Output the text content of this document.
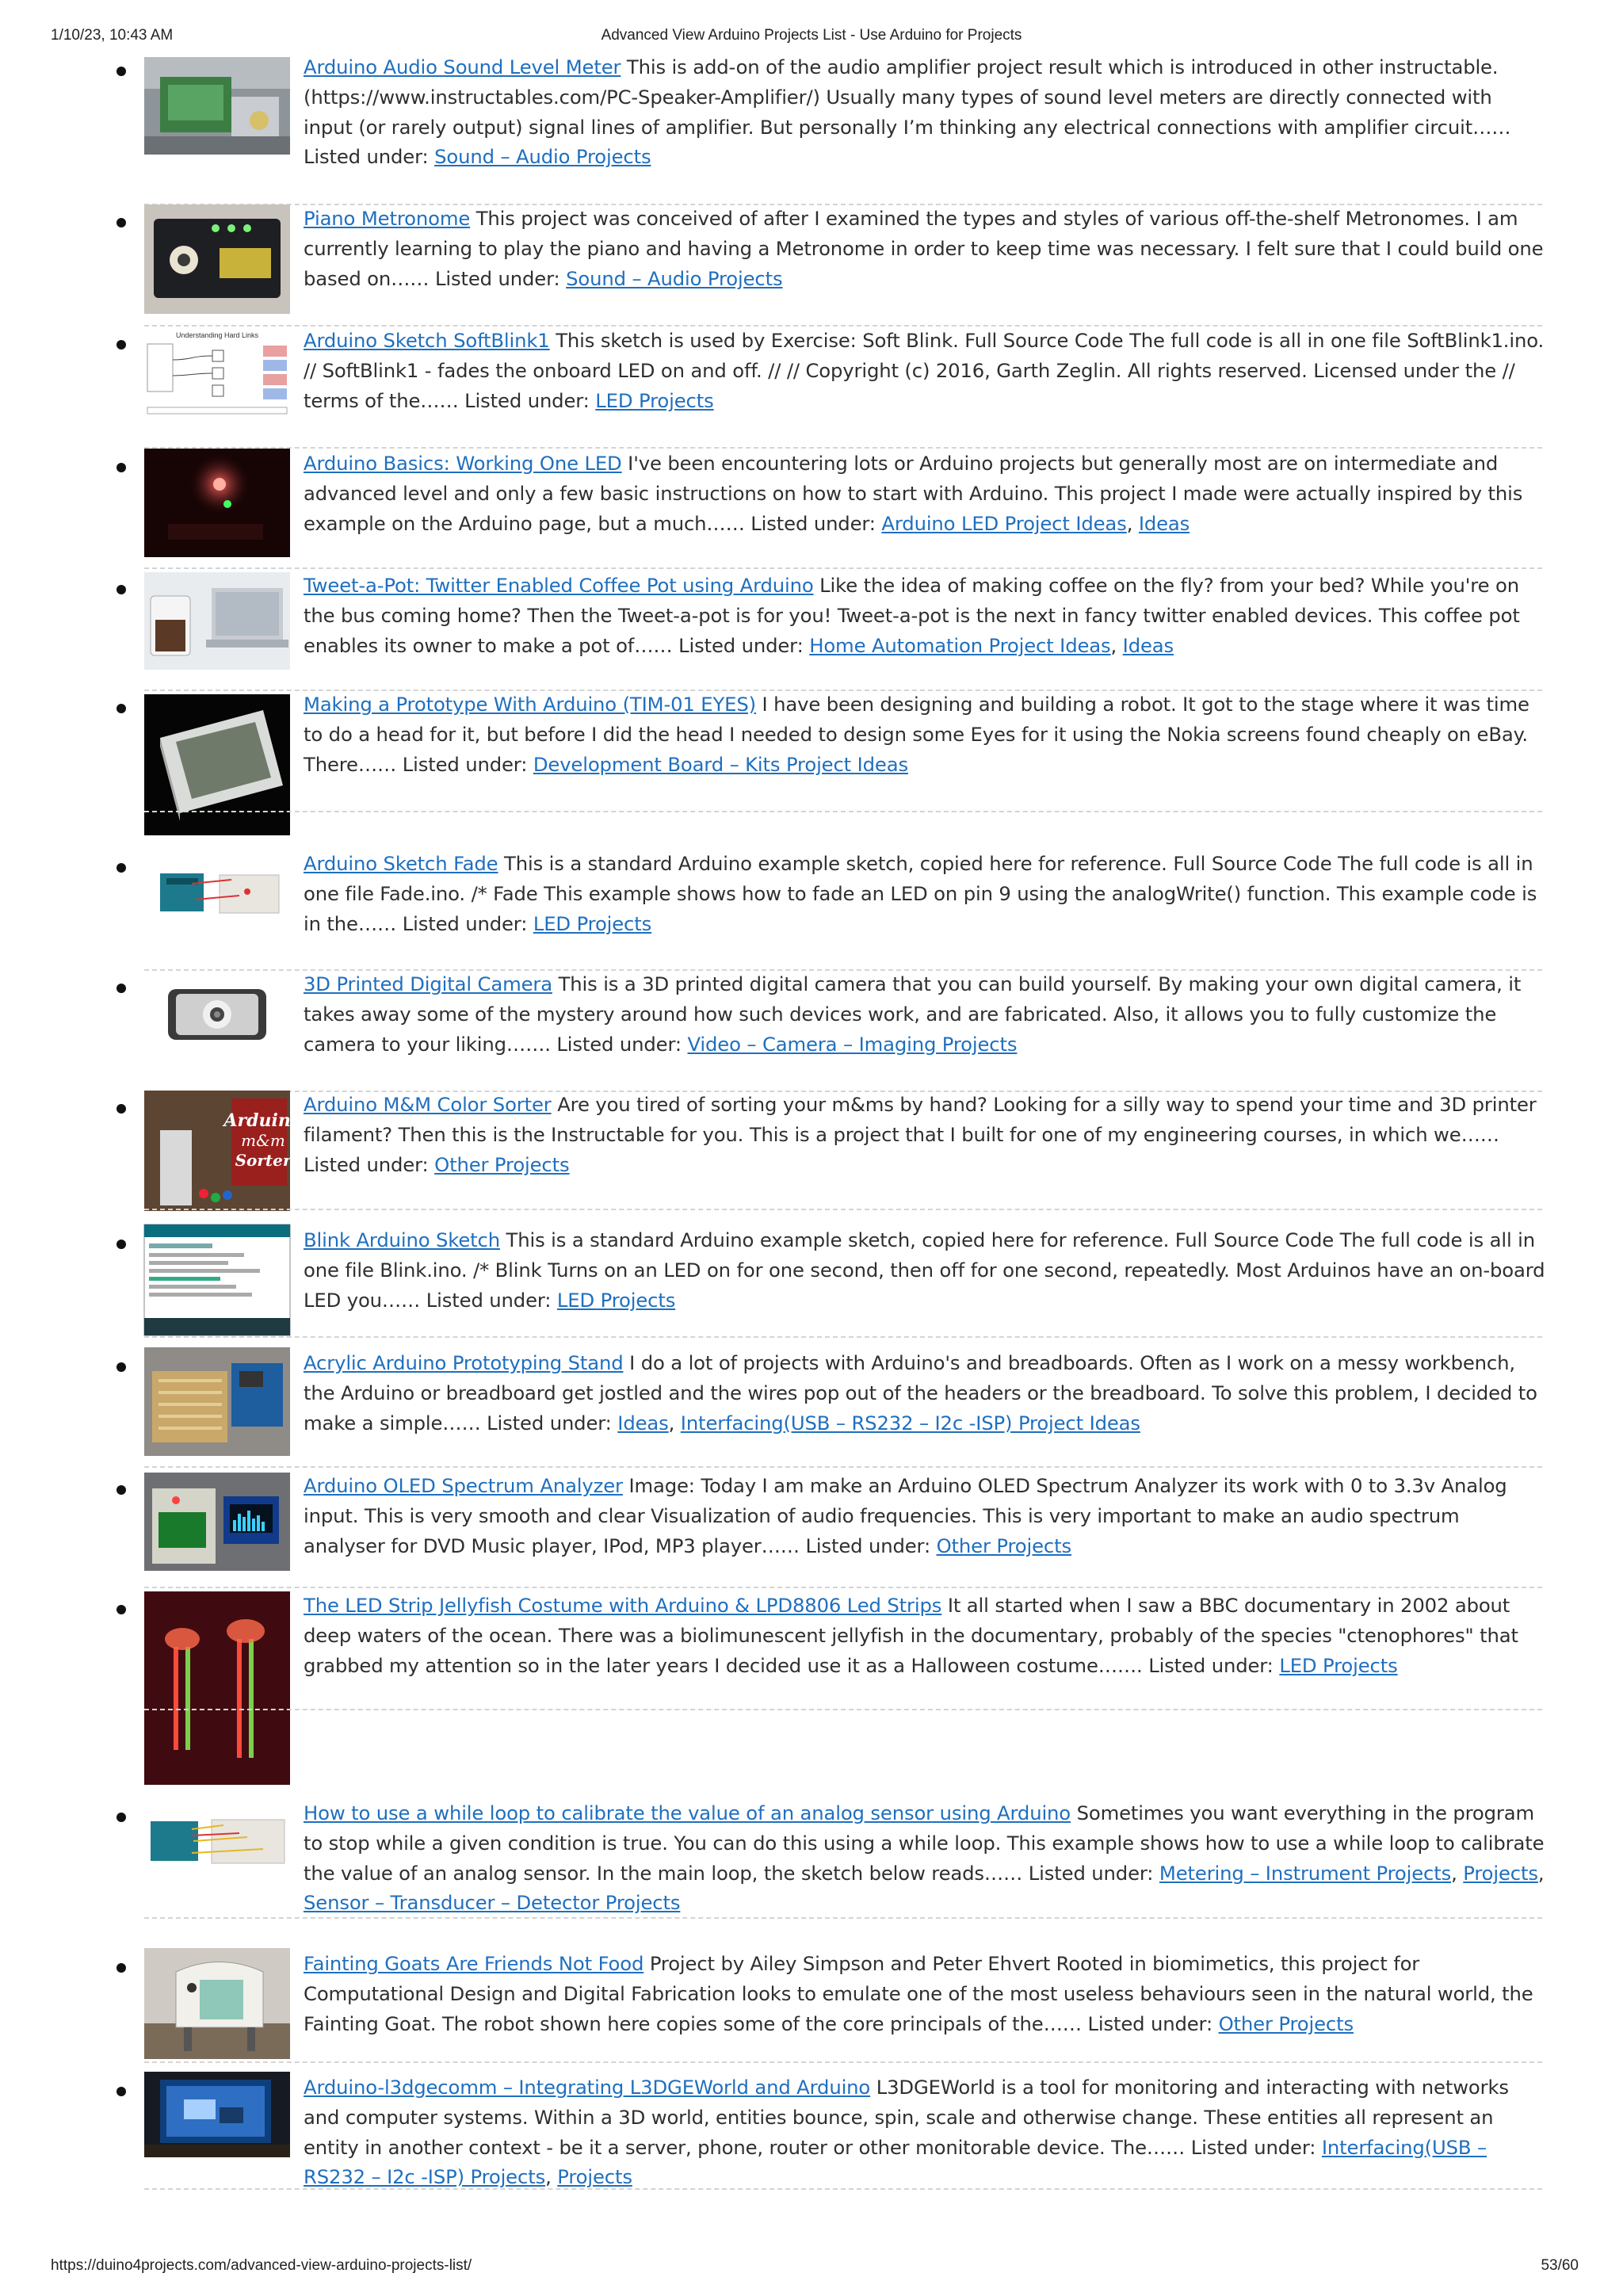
1/10/23, 10:43 AM	Advanced View Arduino Projects List - Use Arduino for Projects
Arduino Audio Sound Level Meter This is add-on of the audio amplifier project result which is introduced in other instructable. (https://www.instructables.com/PC-Speaker-Amplifier/) Usually many types of sound level meters are directly connected with input (or rarely output) signal lines of amplifier. But personally I’m thinking any electrical connections with amplifier circuit…… Listed under: Sound – Audio Projects
Piano Metronome This project was conceived of after I examined the types and styles of various off-the-shelf Metronomes. I am currently learning to play the piano and having a Metronome in order to keep time was necessary. I felt sure that I could build one based on…… Listed under: Sound – Audio Projects
Understanding Hard Links Arduino Sketch SoftBlink1 This sketch is used by Exercise: Soft Blink. Full Source Code The full code is all in one file SoftBlink1.ino. // SoftBlink1 - fades the onboard LED on and off. // // Copyright (c) 2016, Garth Zeglin. All rights reserved. Licensed under the // terms of the…… Listed under: LED Projects
Arduino Basics: Working One LED I've been encountering lots or Arduino projects but generally most are on intermediate and advanced level and only a few basic instructions on how to start with Arduino. This project I made were actually inspired by this example on the Arduino page, but a much…… Listed under: Arduino LED Project Ideas, Ideas
Tweet-a-Pot: Twitter Enabled Coffee Pot using Arduino Like the idea of making coffee on the fly? from your bed? While you're on the bus coming home? Then the Tweet-a-pot is for you! Tweet-a-pot is the next in fancy twitter enabled devices. This coffee pot enables its owner to make a pot of…… Listed under: Home Automation Project Ideas, Ideas
Making a Prototype With Arduino (TIM-01 EYES) I have been designing and building a robot. It got to the stage where it was time to do a head for it, but before I did the head I needed to design some Eyes for it using the Nokia screens found cheaply on eBay. There…… Listed under: Development Board – Kits Project Ideas
Arduino Sketch Fade This is a standard Arduino example sketch, copied here for reference. Full Source Code The full code is all in one file Fade.ino. /* Fade This example shows how to fade an LED on pin 9 using the analogWrite() function. This example code is in the…… Listed under: LED Projects
3D Printed Digital Camera This is a 3D printed digital camera that you can build yourself. By making your own digital camera, it takes away some of the mystery around how such devices work, and are fabricated. Also, it allows you to fully customize the camera to your liking……. Listed under: Video – Camera – Imaging Projects
Arduino
m&m
Sorter
Arduino M&M Color Sorter Are you tired of sorting your m&ms by hand? Looking for a silly way to spend your time and 3D printer filament? Then this is the Instructable for you. This is a project that I built for one of my engineering courses, in which we…… Listed under: Other Projects
Blink Arduino Sketch This is a standard Arduino example sketch, copied here for reference. Full Source Code The full code is all in one file Blink.ino. /* Blink Turns on an LED on for one second, then off for one second, repeatedly. Most Arduinos have an on-board LED you…… Listed under: LED Projects
Acrylic Arduino Prototyping Stand I do a lot of projects with Arduino's and breadboards. Often as I work on a messy workbench, the Arduino or breadboard get jostled and the wires pop out of the headers or the breadboard. To solve this problem, I decided to make a simple…… Listed under: Ideas, Interfacing(USB – RS232 – I2c -ISP) Project Ideas
Arduino OLED Spectrum Analyzer Image: Today I am make an Arduino OLED Spectrum Analyzer its work with 0 to 3.3v Analog input. This is very smooth and clear Visualization of audio frequencies. This is very important to make an audio spectrum analyser for DVD Music player, IPod, MP3 player…… Listed under: Other Projects
The LED Strip Jellyfish Costume with Arduino & LPD8806 Led Strips It all started when I saw a BBC documentary in 2002 about deep waters of the ocean. There was a biolimunescent jellyfish in the documentary, probably of the species "ctenophores" that grabbed my attention so in the later years I decided use it as a Halloween costume……. Listed under: LED Projects
How to use a while loop to calibrate the value of an analog sensor using Arduino Sometimes you want everything in the program to stop while a given condition is true. You can do this using a while loop. This example shows how to use a while loop to calibrate the value of an analog sensor. In the main loop, the sketch below reads…… Listed under: Metering – Instrument Projects, Projects, Sensor – Transducer – Detector Projects
Fainting Goats Are Friends Not Food Project by Ailey Simpson and Peter Ehvert Rooted in biomimetics, this project for Computational Design and Digital Fabrication looks to emulate one of the most useless behaviours seen in the natural world, the Fainting Goat. The robot shown here copies some of the core principals of the…… Listed under: Other Projects
Arduino-l3dgecomm – Integrating L3DGEWorld and Arduino L3DGEWorld is a tool for monitoring and interacting with networks and computer systems. Within a 3D world, entities bounce, spin, scale and otherwise change. These entities all represent an entity in another context - be it a server, phone, router or other monitorable device. The…… Listed under: Interfacing(USB – RS232 – I2c -ISP) Projects, Projects
https://duino4projects.com/advanced-view-arduino-projects-list/	53/60
